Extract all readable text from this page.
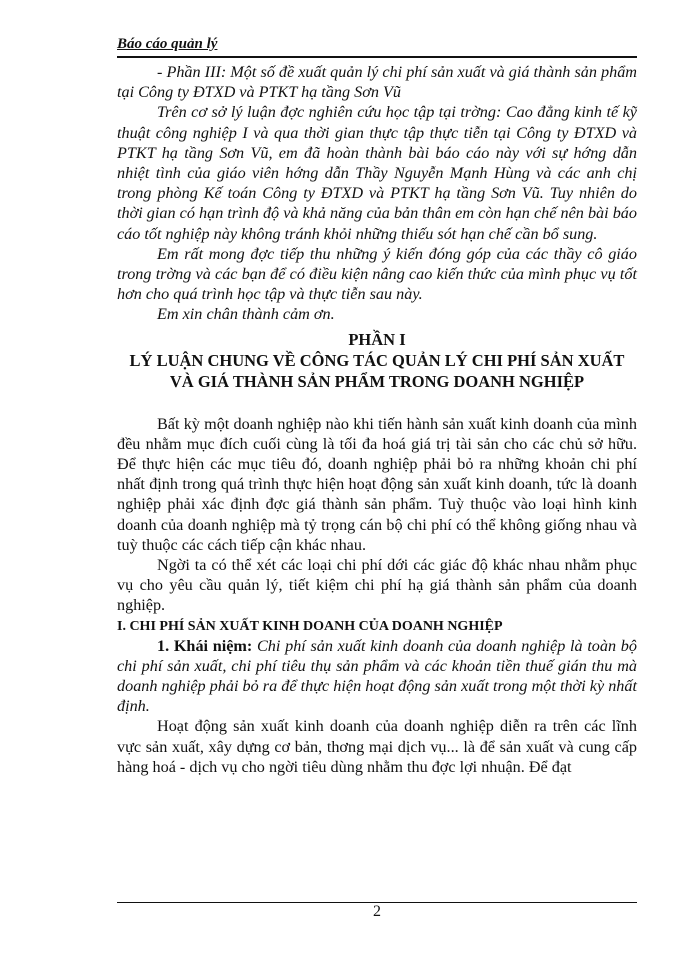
Báo cáo quản lý

- Phần III: Một số đề xuất quản lý chi phí sản xuất và giá thành sản phẩm tại Công ty ĐTXD và PTKT hạ tầng Sơn Vũ

Trên cơ sở lý luận đợc nghiên cứu học tập tại trờng: Cao đẳng kinh tế kỹ thuật công nghiệp I và qua thời gian thực tập thực tiễn tại Công ty ĐTXD và PTKT hạ tầng Sơn Vũ, em đã hoàn thành bài báo cáo này với sự hớng dẫn nhiệt tình của giáo viên hớng dẫn Thầy Nguyễn Mạnh Hùng và các anh chị trong phòng Kế toán Công ty ĐTXD và PTKT hạ tầng Sơn Vũ. Tuy nhiên do thời gian có hạn trình độ và khả năng của bản thân em còn hạn chế nên bài báo cáo tốt nghiệp này không tránh khỏi những thiếu sót hạn chế cần bổ sung.

Em rất mong đợc tiếp thu những ý kiến đóng góp của các thầy cô giáo trong trờng và các bạn để có điều kiện nâng cao kiến thức của mình phục vụ tốt hơn cho quá trình học tập và thực tiễn sau này.

Em xin chân thành cảm ơn.

PHẦN I
LÝ LUẬN CHUNG VỀ CÔNG TÁC QUẢN LÝ CHI PHÍ SẢN XUẤT
VÀ GIÁ THÀNH SẢN PHẨM TRONG DOANH NGHIỆP

Bất kỳ một doanh nghiệp nào khi tiến hành sản xuất kinh doanh của mình đều nhằm mục đích cuối cùng là tối đa hoá giá trị tài sản cho các chủ sở hữu. Để thực hiện các mục tiêu đó, doanh nghiệp phải bỏ ra những khoản chi phí nhất định trong quá trình thực hiện hoạt động sản xuất kinh doanh, tức là doanh nghiệp phải xác định đợc giá thành sản phẩm. Tuỳ thuộc vào loại hình kinh doanh của doanh nghiệp mà tỷ trọng cán bộ chi phí có thể không giống nhau và tuỳ thuộc các cách tiếp cận khác nhau.

Ngời ta có thể xét các loại chi phí dới các giác độ khác nhau nhằm phục vụ cho yêu cầu quản lý, tiết kiệm chi phí hạ giá thành sản phẩm của doanh nghiệp.

I. CHI PHÍ SẢN XUẤT KINH DOANH CỦA DOANH NGHIỆP

1. Khái niệm: Chi phí sản xuất kinh doanh của doanh nghiệp là toàn bộ chi phí sản xuất, chi phí tiêu thụ sản phẩm và các khoản tiền thuế gián thu mà doanh nghiệp phải bỏ ra để thực hiện hoạt động sản xuất trong một thời kỳ nhất định.

Hoạt động sản xuất kinh doanh của doanh nghiệp diễn ra trên các lĩnh vực sản xuất, xây dựng cơ bản, thơng mại dịch vụ... là để sản xuất và cung cấp hàng hoá - dịch vụ cho ngời tiêu dùng nhằm thu đợc lợi nhuận. Để đạt

2
